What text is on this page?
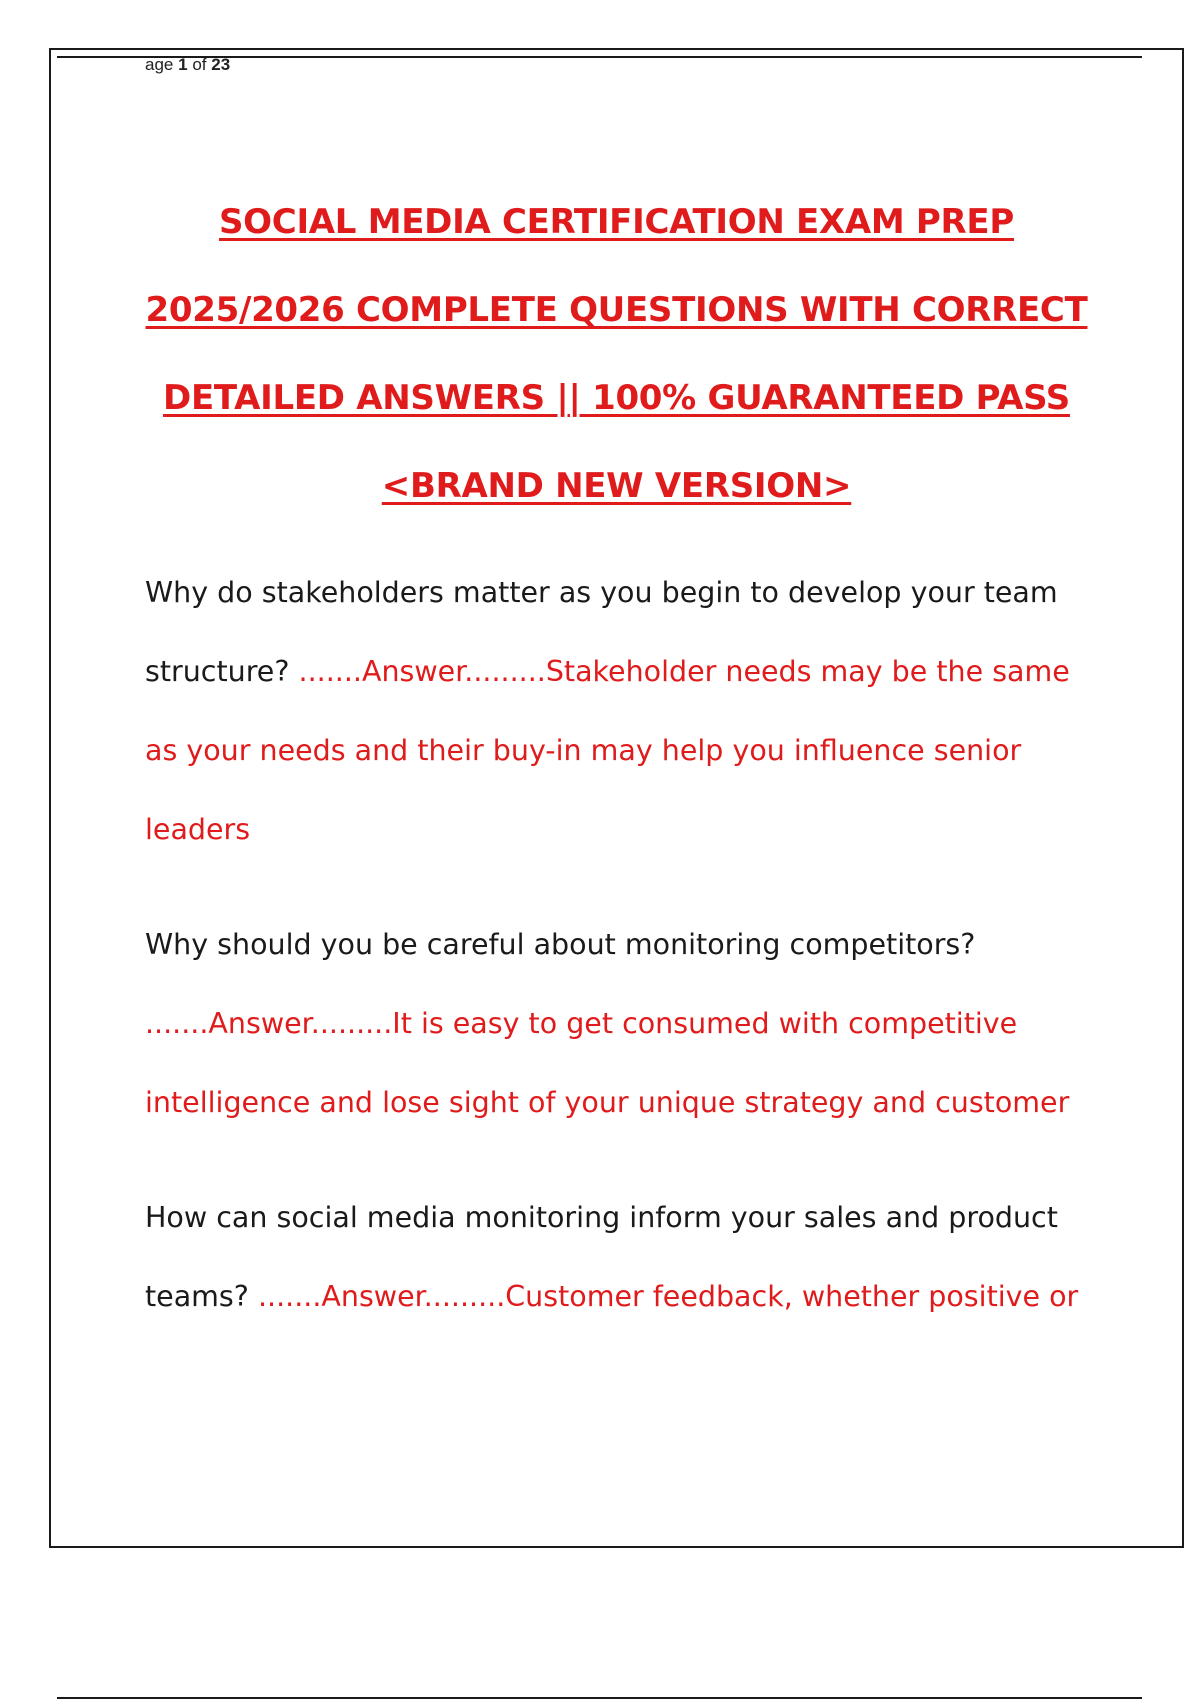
age 1 of 23
SOCIAL MEDIA CERTIFICATION EXAM PREP
2025/2026 COMPLETE QUESTIONS WITH CORRECT
DETAILED ANSWERS || 100% GUARANTEED PASS
<BRAND NEW VERSION>
Why do stakeholders matter as you begin to develop your team
structure? .......Answer.........Stakeholder needs may be the same
as your needs and their buy-in may help you influence senior
leaders
Why should you be careful about monitoring competitors?
.......Answer.........It is easy to get consumed with competitive
intelligence and lose sight of your unique strategy and customer
How can social media monitoring inform your sales and product
teams? .......Answer.........Customer feedback, whether positive or
